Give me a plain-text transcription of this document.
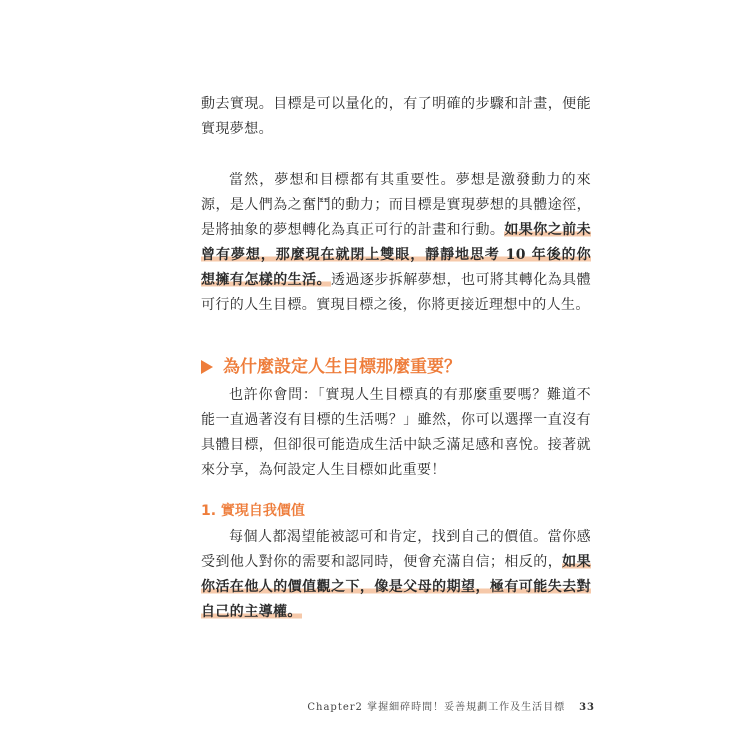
動去實現。目標是可以量化的，有了明確的步驟和計畫，便能實現夢想。

當然，夢想和目標都有其重要性。夢想是激發動力的來源，是人們為之奮鬥的動力；而目標是實現夢想的具體途徑，是將抽象的夢想轉化為真正可行的計畫和行動。如果你之前未曾有夢想，那麼現在就閉上雙眼，靜靜地思考 10 年後的你想擁有怎樣的生活。透過逐步拆解夢想，也可將其轉化為具體可行的人生目標。實現目標之後，你將更接近理想中的人生。

為什麼設定人生目標那麼重要？

也許你會問：「實現人生目標真的有那麼重要嗎？難道不能一直過著沒有目標的生活嗎？」雖然，你可以選擇一直沒有具體目標，但卻很可能造成生活中缺乏滿足感和喜悅。接著就來分享，為何設定人生目標如此重要！

1. 實現自我價值

每個人都渴望能被認可和肯定，找到自己的價值。當你感受到他人對你的需要和認同時，便會充滿自信；相反的，如果你活在他人的價值觀之下，像是父母的期望，極有可能失去對自己的主導權。

Chapter2 掌握細碎時間！妥善規劃工作及生活目標 33
